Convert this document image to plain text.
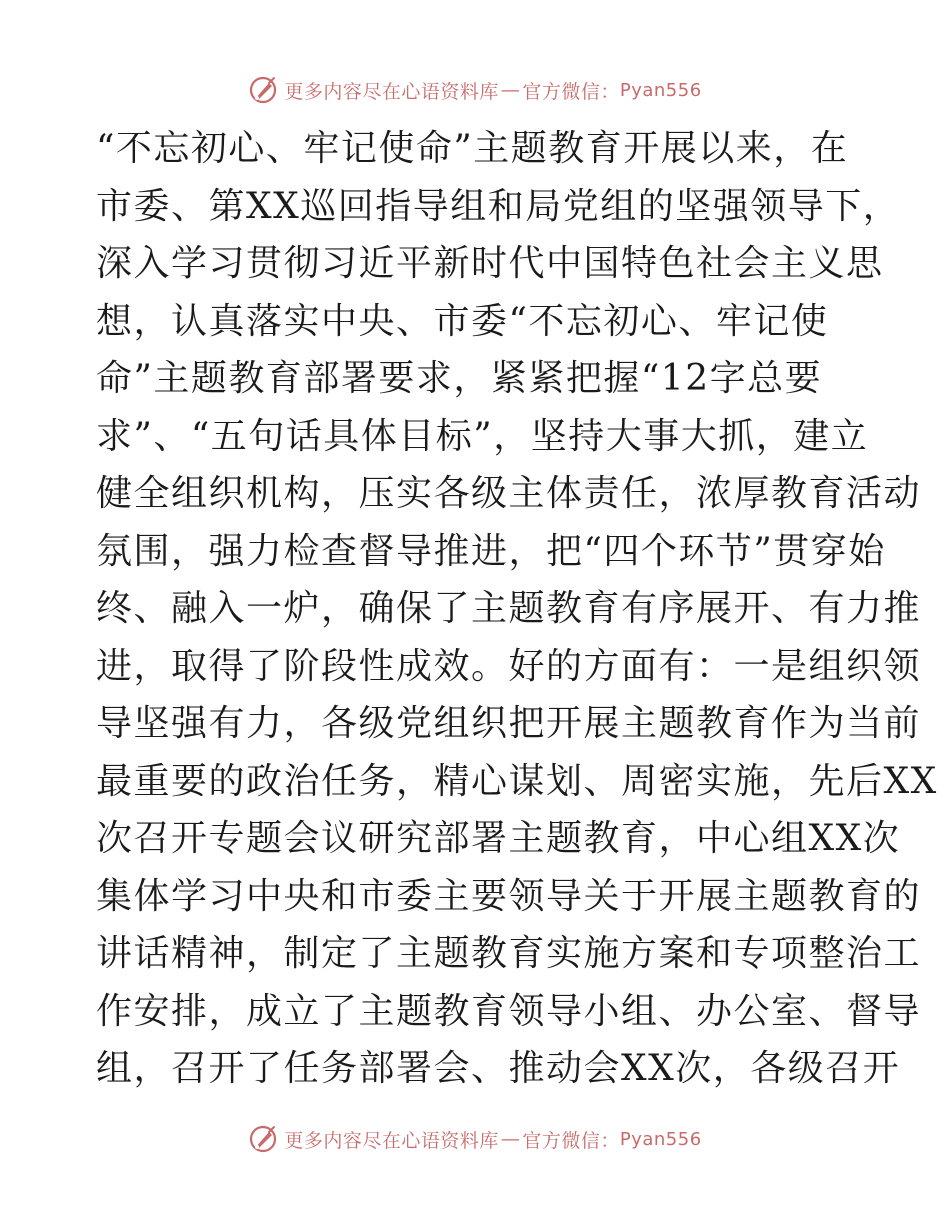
更多内容尽在心语资料库 — 官方微信： Pyan556
“不忘初心、牢记使命”主题教育开展以来，在
市委、第XX巡回指导组和局党组的坚强领导下，
深入学习贯彻习近平新时代中国特色社会主义思
想，认真落实中央、市委“不忘初心、牢记使
命”主题教育部署要求，紧紧把握“12字总要
求”、“五句话具体目标”，坚持大事大抓，建立
健全组织机构，压实各级主体责任，浓厚教育活动
氛围，强力检查督导推进，把“四个环节”贯穿始
终、融入一炉，确保了主题教育有序展开、有力推
进，取得了阶段性成效。好的方面有：一是组织领
导坚强有力，各级党组织把开展主题教育作为当前
最重要的政治任务，精心谋划、周密实施，先后XX
次召开专题会议研究部署主题教育，中心组XX次
集体学习中央和市委主要领导关于开展主题教育的
讲话精神，制定了主题教育实施方案和专项整治工
作安排，成立了主题教育领导小组、办公室、督导
组，召开了任务部署会、推动会XX次，各级召开
更多内容尽在心语资料库 — 官方微信： Pyan556
